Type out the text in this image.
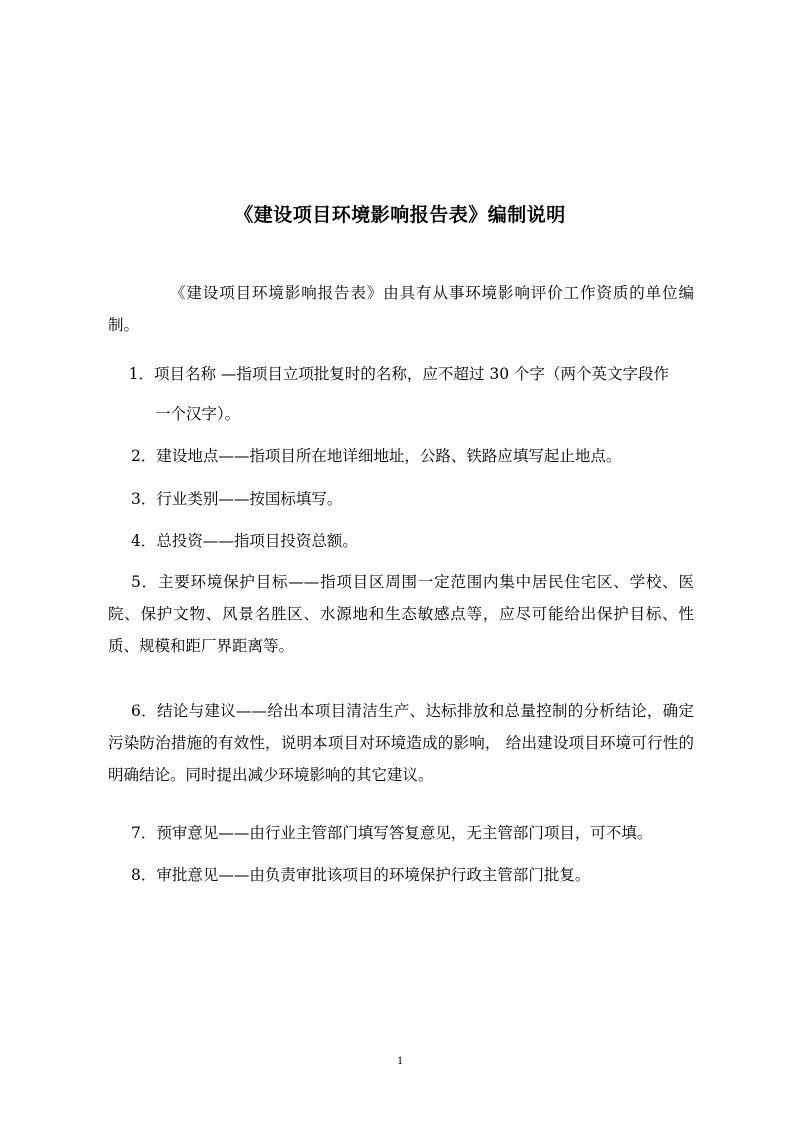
《建设项目环境影响报告表》编制说明
《建设项目环境影响报告表》由具有从事环境影响评价工作资质的单位编制。
1．项目名称 —指项目立项批复时的名称，应不超过 30 个字（两个英文字段作
一个汉字）。
2．建设地点——指项目所在地详细地址，公路、铁路应填写起止地点。
3．行业类别——按国标填写。
4．总投资——指项目投资总额。
5．主要环境保护目标——指项目区周围一定范围内集中居民住宅区、学校、医院、保护文物、风景名胜区、水源地和生态敏感点等，应尽可能给出保护目标、性质、规模和距厂界距离等。
6．结论与建议——给出本项目清洁生产、达标排放和总量控制的分析结论，确定污染防治措施的有效性，说明本项目对环境造成的影响， 给出建设项目环境可行性的明确结论。同时提出减少环境影响的其它建议。
7．预审意见——由行业主管部门填写答复意见，无主管部门项目，可不填。
8．审批意见——由负责审批该项目的环境保护行政主管部门批复。
1
